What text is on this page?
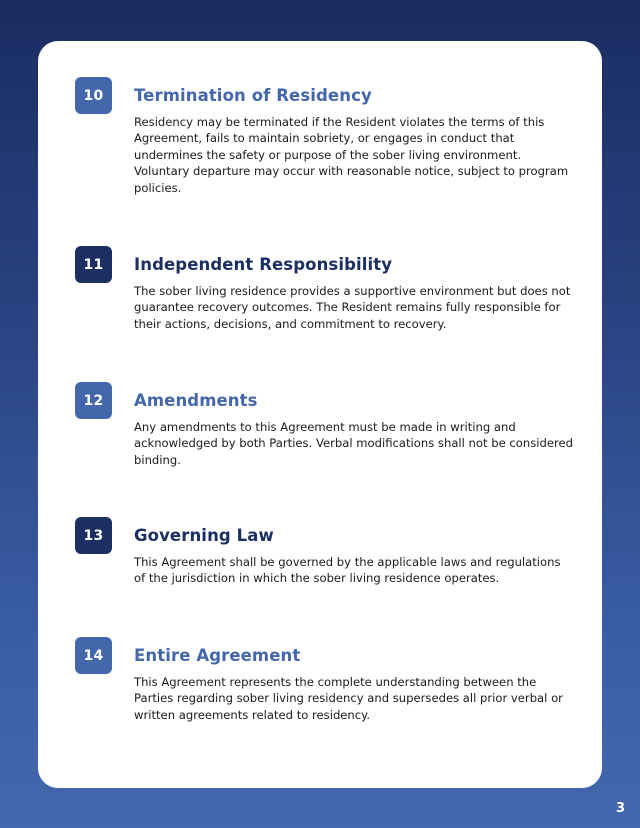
10	Termination of Residency
Residency may be terminated if the Resident violates the terms of this Agreement, fails to maintain sobriety, or engages in conduct that undermines the safety or purpose of the sober living environment. Voluntary departure may occur with reasonable notice, subject to program policies.
11	Independent Responsibility
The sober living residence provides a supportive environment but does not guarantee recovery outcomes. The Resident remains fully responsible for their actions, decisions, and commitment to recovery.
12	Amendments
Any amendments to this Agreement must be made in writing and acknowledged by both Parties. Verbal modifications shall not be considered binding.
13	Governing Law
This Agreement shall be governed by the applicable laws and regulations of the jurisdiction in which the sober living residence operates.
14	Entire Agreement
This Agreement represents the complete understanding between the Parties regarding sober living residency and supersedes all prior verbal or written agreements related to residency.
3
